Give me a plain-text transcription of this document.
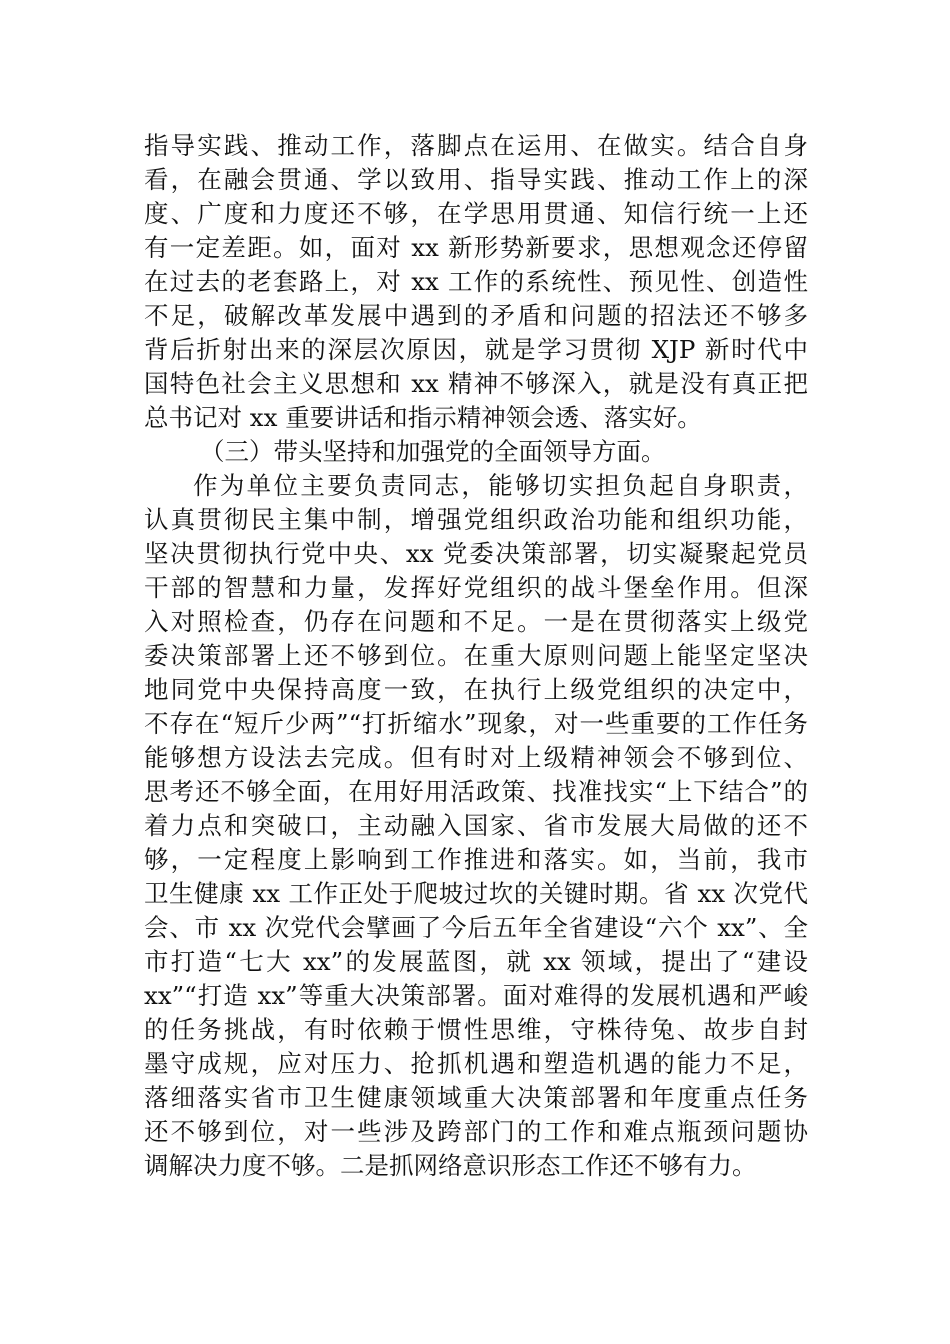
指导实践、推动工作，落脚点在运用、在做实。结合自身
看，在融会贯通、学以致用、指导实践、推动工作上的深
度、广度和力度还不够，在学思用贯通、知信行统一上还
有一定差距。如，面对 xx 新形势新要求，思想观念还停留
在过去的老套路上，对 xx 工作的系统性、预见性、创造性
不足，破解改革发展中遇到的矛盾和问题的招法还不够多
背后折射出来的深层次原因，就是学习贯彻 XJP 新时代中
国特色社会主义思想和 xx 精神不够深入，就是没有真正把
总书记对 xx 重要讲话和指示精神领会透、落实好。
（三）带头坚持和加强党的全面领导方面。
作为单位主要负责同志，能够切实担负起自身职责，
认真贯彻民主集中制，增强党组织政治功能和组织功能，
坚决贯彻执行党中央、xx 党委决策部署，切实凝聚起党员
干部的智慧和力量，发挥好党组织的战斗堡垒作用。但深
入对照检查，仍存在问题和不足。一是在贯彻落实上级党
委决策部署上还不够到位。在重大原则问题上能坚定坚决
地同党中央保持高度一致，在执行上级党组织的决定中，
不存在“短斤少两”“打折缩水”现象，对一些重要的工作任务
能够想方设法去完成。但有时对上级精神领会不够到位、
思考还不够全面，在用好用活政策、找准找实“上下结合”的
着力点和突破口，主动融入国家、省市发展大局做的还不
够，一定程度上影响到工作推进和落实。如，当前，我市
卫生健康 xx 工作正处于爬坡过坎的关键时期。省 xx 次党代
会、市 xx 次党代会擘画了今后五年全省建设“六个 xx”、全
市打造“七大 xx”的发展蓝图，就 xx 领域，提出了“建设
xx”“打造 xx”等重大决策部署。面对难得的发展机遇和严峻
的任务挑战，有时依赖于惯性思维，守株待兔、故步自封
墨守成规，应对压力、抢抓机遇和塑造机遇的能力不足，
落细落实省市卫生健康领域重大决策部署和年度重点任务
还不够到位，对一些涉及跨部门的工作和难点瓶颈问题协
调解决力度不够。二是抓网络意识形态工作还不够有力。
